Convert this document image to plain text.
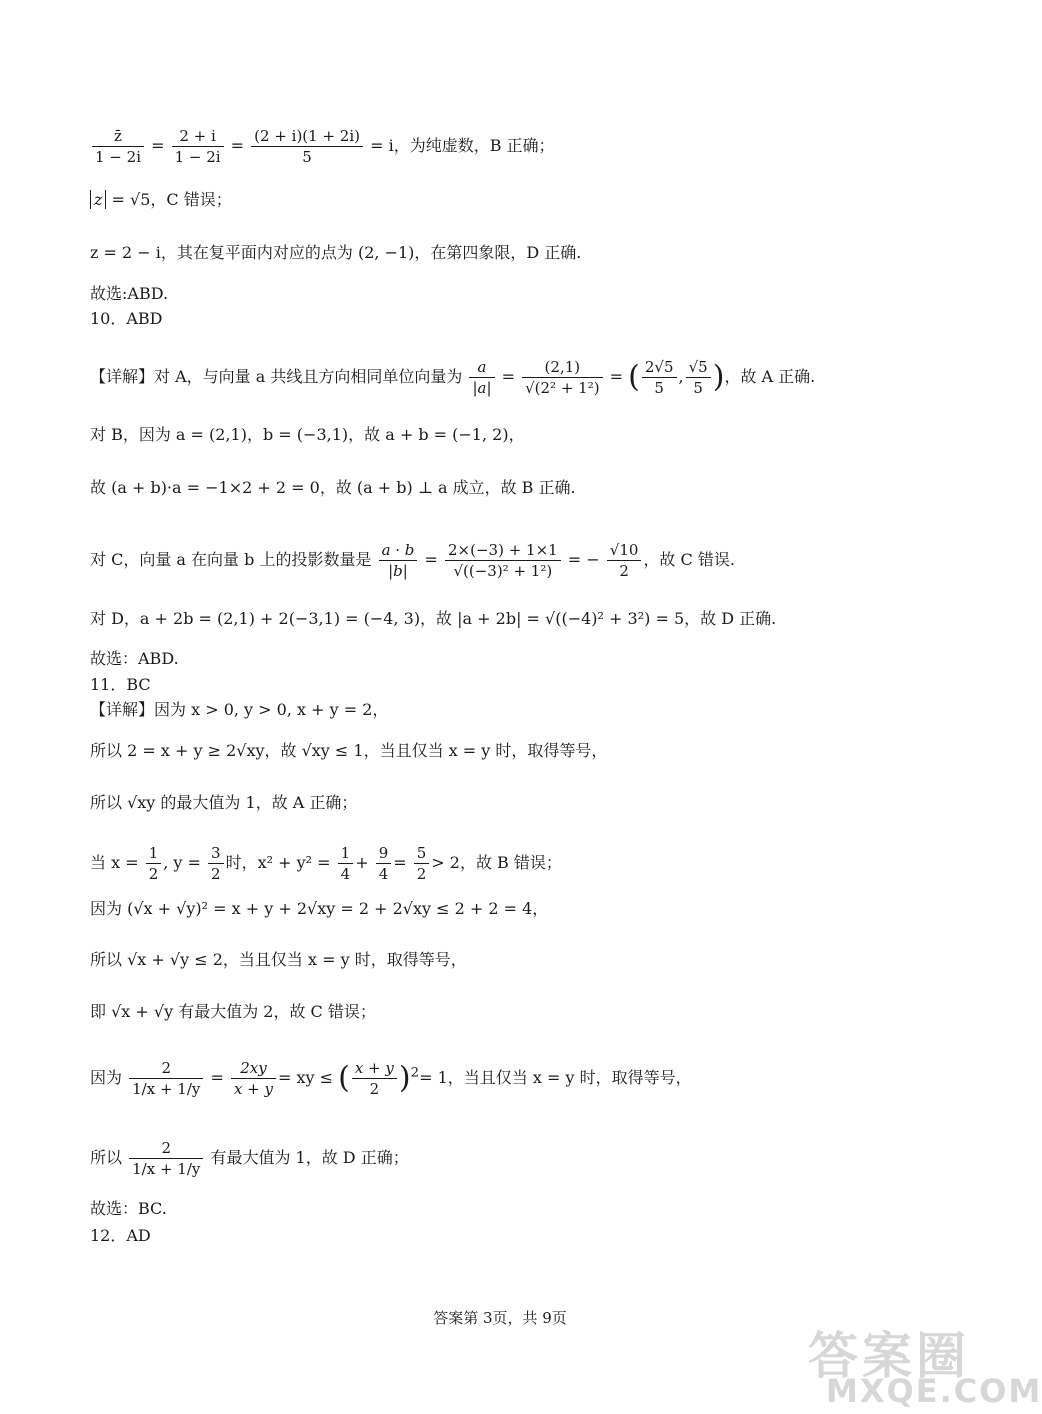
$\frac{z̄}{1 - 2i} = \frac{2 + i}{1 - 2i} = \frac{(2 + i)(1 + 2i)}{5} = i$，为纯虚数，B 正确；
z = √5，C 错误；
z = 2 − i，其在复平面内对应的点为 (2, −1)，在第四象限，D 正确.
故选:ABD.
10．ABD
【详解】对 A，与向量 a 共线且方向相同单位向量为 $\frac{a}{|a|} = \frac{(2,1)}{\text{√(2² + 1²)}}$ = ( $\frac{2√5}{5}$ , $\frac{√5}{5}$ )，故 A 正确.
对 B，因为 a = (2,1)，b = (−3,1)，故 a + b = (−1, 2)，
故 (a + b)·a = −1×2 + 2 = 0，故 (a + b) ⊥ a 成立，故 B 正确.
对 C，向量 a 在向量 b 上的投影数量是 $\frac{a \cdot b}{|b|} = \frac{2\times(-3) + 1\times 1}{\text{√((−3)² + 1²)}}$ = − $\frac{√10}{2}$ ，故 C 错误.
对 D，a + 2b = (2,1) + 2(−3,1) = (−4, 3)，故 |a + 2b| = √((−4)² + 3²) = 5，故 D 正确.
故选：ABD.
11．BC
【详解】因为 x > 0, y > 0, x + y = 2，
所以 2 = x + y ≥ 2√xy，故 √xy ≤ 1，当且仅当 x = y 时，取得等号，
所以 √xy 的最大值为 1，故 A 正确；
当 $x = \frac{1}{2}$ , $y = \frac{3}{2}$ 时，$x^2 + y^2 = \frac{1}{4} + \frac{9}{4} = \frac{5}{2} > 2$，故 B 错误；
因为 (√x + √y)² = x + y + 2√xy = 2 + 2√xy ≤ 2 + 2 = 4，
所以 √x + √y ≤ 2，当且仅当 x = y 时，取得等号，
即 √x + √y 有最大值为 2，故 C 错误；
因为 $\frac{2}{1/x + 1/y} = \frac{2xy}{x + y}$ = xy ≤ ( $\frac{x + y}{2} )^2= 1$，当且仅当 x = y 时，取得等号，
所以 $\frac{2}{1/x + 1/y}$ 有最大值为 1，故 D 正确；
故选：BC.
12．AD
答案第 3页，共 9页
答案圈
MXQE.COM
